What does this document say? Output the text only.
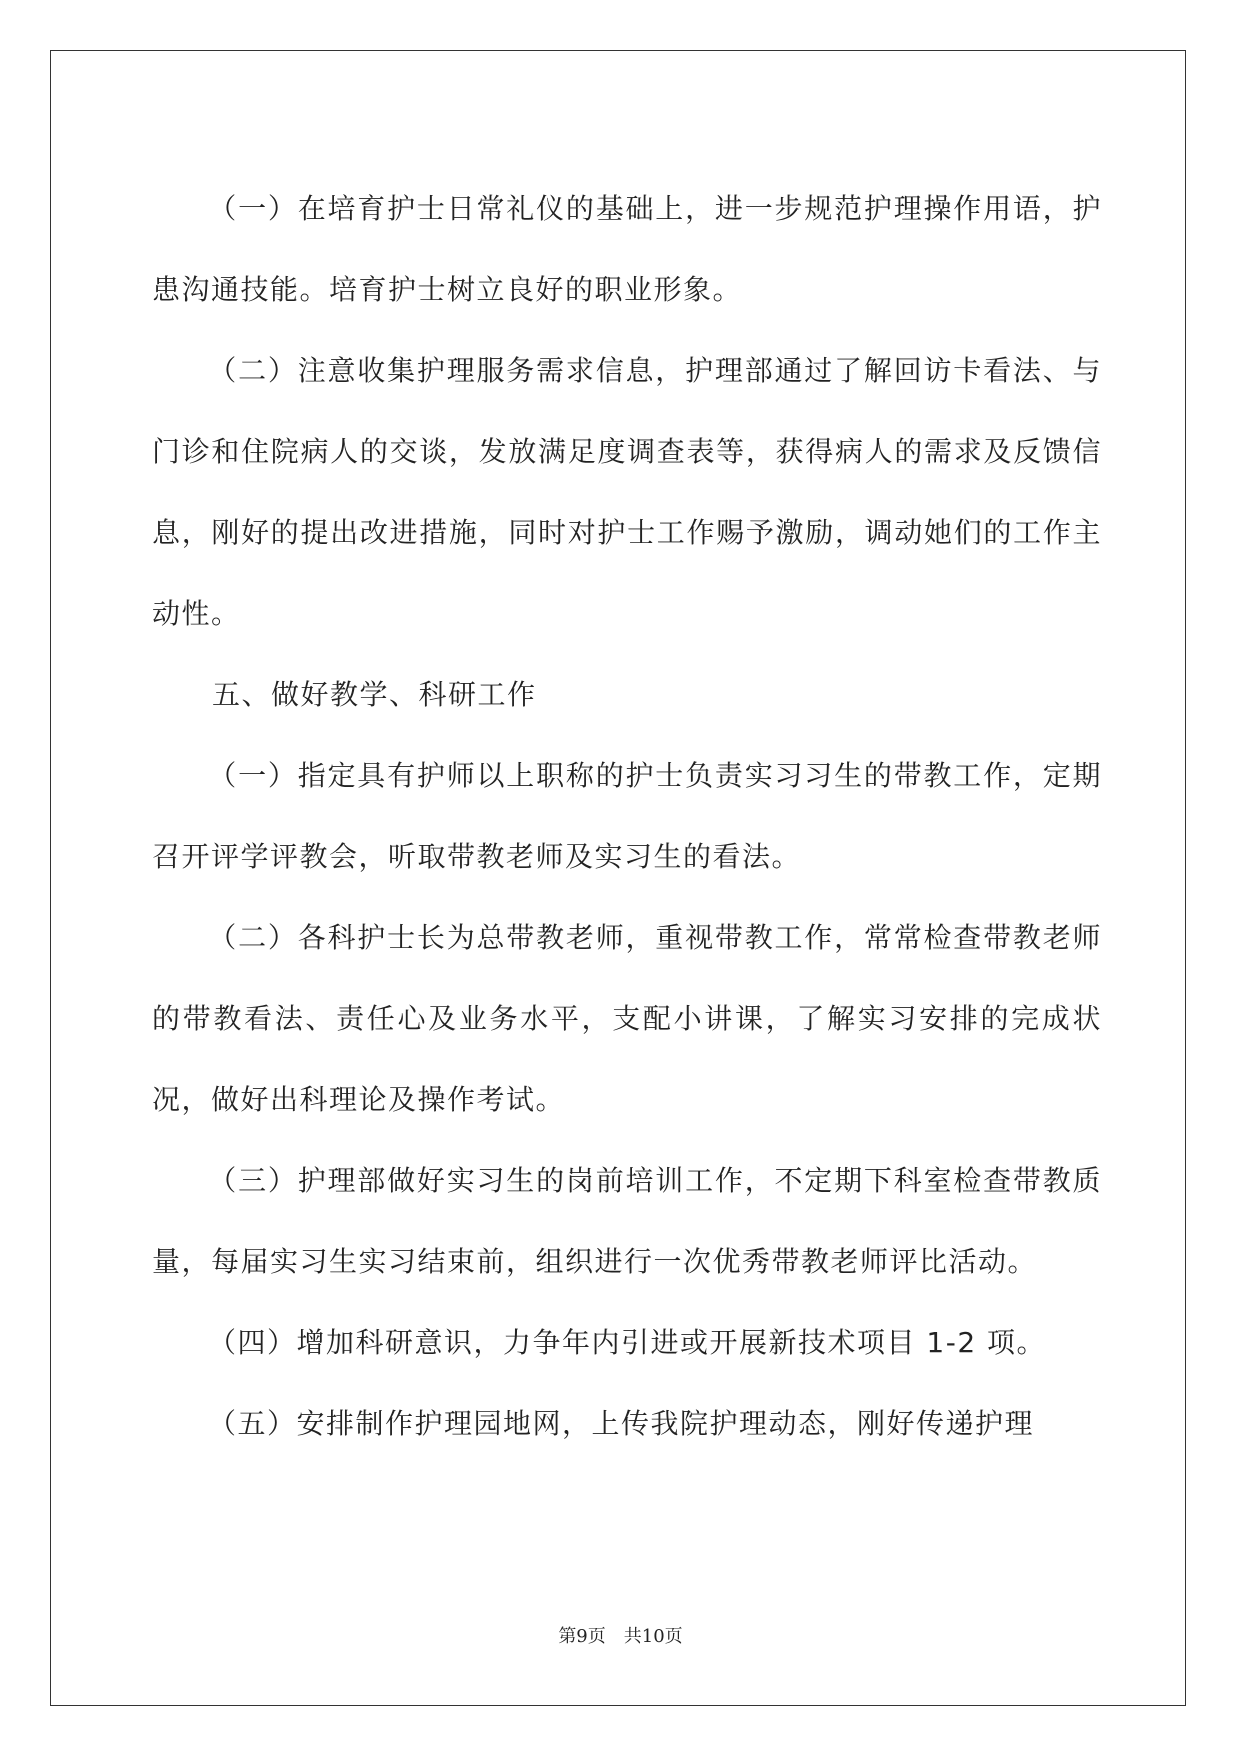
（一）在培育护士日常礼仪的基础上，进一步规范护理操作用语，护患沟通技能。培育护士树立良好的职业形象。

（二）注意收集护理服务需求信息，护理部通过了解回访卡看法、与门诊和住院病人的交谈，发放满足度调查表等，获得病人的需求及反馈信息，刚好的提出改进措施，同时对护士工作赐予激励，调动她们的工作主动性。

五、做好教学、科研工作

（一）指定具有护师以上职称的护士负责实习习生的带教工作，定期召开评学评教会，听取带教老师及实习生的看法。

（二）各科护士长为总带教老师，重视带教工作，常常检查带教老师的带教看法、责任心及业务水平，支配小讲课，了解实习安排的完成状况，做好出科理论及操作考试。

（三）护理部做好实习生的岗前培训工作，不定期下科室检查带教质量，每届实习生实习结束前，组织进行一次优秀带教老师评比活动。

（四）增加科研意识，力争年内引进或开展新技术项目 1-2 项。

（五）安排制作护理园地网，上传我院护理动态，刚好传递护理

第9页　共10页
